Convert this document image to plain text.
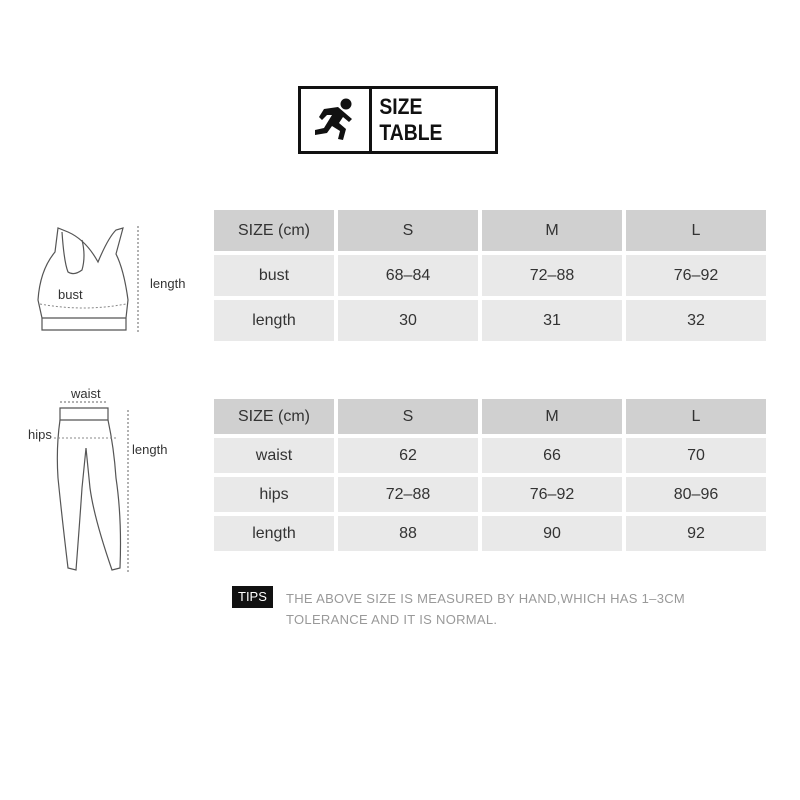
SIZE TABLE
bust
length
waist
hips
length
SIZE (cm)	S	M	L
bust	68–84	72–88	76–92
length	30	31	32
SIZE (cm)	S	M	L
waist	62	66	70
hips	72–88	76–92	80–96
length	88	90	92
TIPS	THE ABOVE SIZE IS MEASURED BY HAND,WHICH HAS 1–3CM
TOLERANCE AND IT IS NORMAL.
